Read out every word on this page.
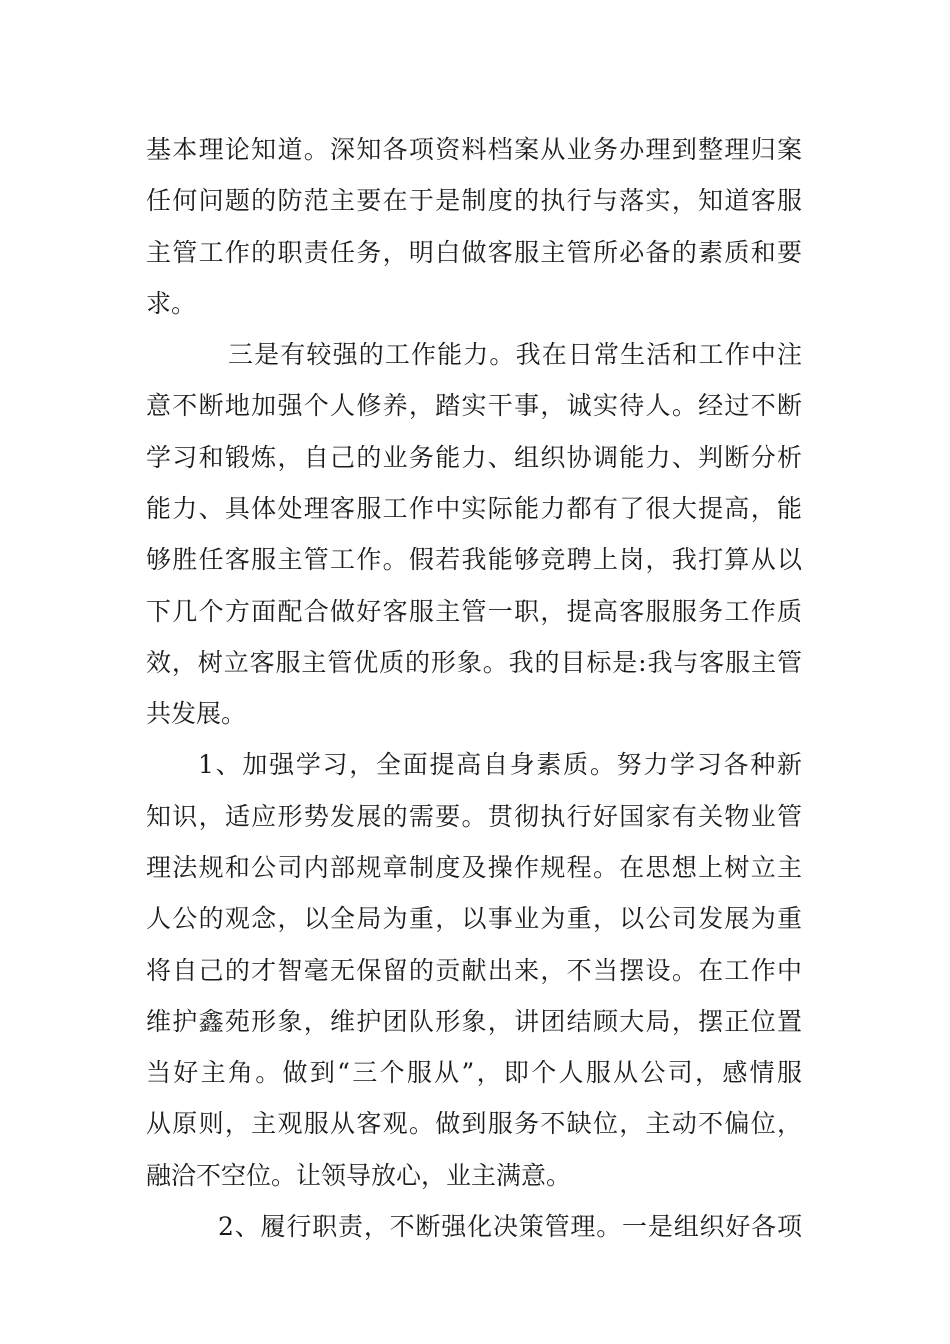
基本理论知道。深知各项资料档案从业务办理到整理归案
任何问题的防范主要在于是制度的执行与落实，知道客服
主管工作的职责任务，明白做客服主管所必备的素质和要
求。
三是有较强的工作能力。我在日常生活和工作中注
意不断地加强个人修养，踏实干事，诚实待人。经过不断
学习和锻炼，自己的业务能力、组织协调能力、判断分析
能力、具体处理客服工作中实际能力都有了很大提高，能
够胜任客服主管工作。假若我能够竞聘上岗，我打算从以
下几个方面配合做好客服主管一职，提高客服服务工作质
效，树立客服主管优质的形象。我的目标是:我与客服主管
共发展。
1、加强学习，全面提高自身素质。努力学习各种新
知识，适应形势发展的需要。贯彻执行好国家有关物业管
理法规和公司内部规章制度及操作规程。在思想上树立主
人公的观念，以全局为重，以事业为重，以公司发展为重
将自己的才智毫无保留的贡献出来，不当摆设。在工作中
维护鑫苑形象，维护团队形象，讲团结顾大局，摆正位置
当好主角。做到“三个服从”，即个人服从公司，感情服
从原则，主观服从客观。做到服务不缺位，主动不偏位，
融洽不空位。让领导放心，业主满意。
2、履行职责，不断强化决策管理。一是组织好各项
